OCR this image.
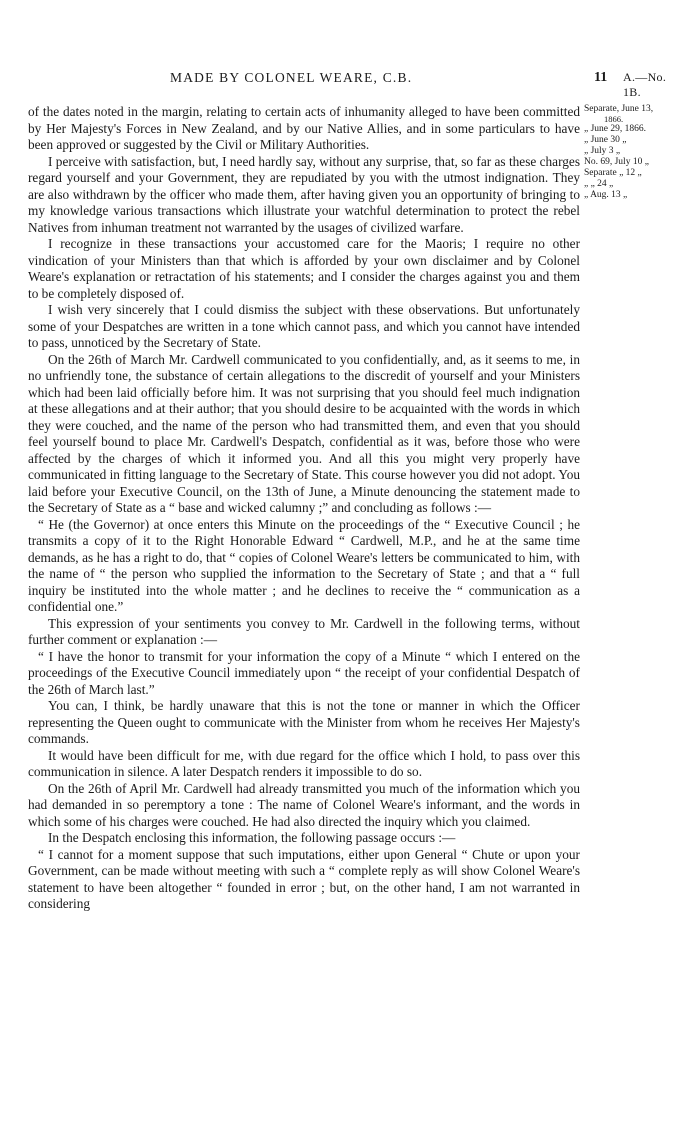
MADE BY COLONEL WEARE, C.B.	11 A.—No. 1B.

of the dates noted in the margin, relating to certain acts of inhumanity alleged to have been committed by Her Majesty's Forces in New Zealand, and by our Native Allies, and in some particulars to have been approved or suggested by the Civil or Military Authorities.

I perceive with satisfaction, but, I need hardly say, without any surprise, that, so far as these charges regard yourself and your Government, they are repudiated by you with the utmost indignation. They are also withdrawn by the officer who made them, after having given you an opportunity of bringing to my knowledge various transactions which illustrate your watchful determination to protect the rebel Natives from inhuman treatment not warranted by the usages of civilized warfare.

I recognize in these transactions your accustomed care for the Maoris; I require no other vindication of your Ministers than that which is afforded by your own disclaimer and by Colonel Weare's explanation or retractation of his statements; and I consider the charges against you and them to be completely disposed of.

I wish very sincerely that I could dismiss the subject with these observations. But unfortunately some of your Despatches are written in a tone which cannot pass, and which you cannot have intended to pass, unnoticed by the Secretary of State.

On the 26th of March Mr. Cardwell communicated to you confidentially, and, as it seems to me, in no unfriendly tone, the substance of certain allegations to the discredit of yourself and your Ministers which had been laid officially before him. It was not surprising that you should feel much indignation at these allegations and at their author; that you should desire to be acquainted with the words in which they were couched, and the name of the person who had transmitted them, and even that you should feel yourself bound to place Mr. Cardwell's Despatch, confidential as it was, before those who were affected by the charges of which it informed you. And all this you might very properly have communicated in fitting language to the Secretary of State. This course however you did not adopt. You laid before your Executive Council, on the 13th of June, a Minute denouncing the statement made to the Secretary of State as a “ base and wicked calumny ;” and concluding as follows :—

“ He (the Governor) at once enters this Minute on the proceedings of the “ Executive Council ; he transmits a copy of it to the Right Honorable Edward “ Cardwell, M.P., and he at the same time demands, as he has a right to do, that “ copies of Colonel Weare's letters be communicated to him, with the name of “ the person who supplied the information to the Secretary of State ; and that a “ full inquiry be instituted into the whole matter ; and he declines to receive the “ communication as a confidential one.”

This expression of your sentiments you convey to Mr. Cardwell in the following terms, without further comment or explanation :—

“ I have the honor to transmit for your information the copy of a Minute “ which I entered on the proceedings of the Executive Council immediately upon “ the receipt of your confidential Despatch of the 26th of March last.”

You can, I think, be hardly unaware that this is not the tone or manner in which the Officer representing the Queen ought to communicate with the Minister from whom he receives Her Majesty's commands.

It would have been difficult for me, with due regard for the office which I hold, to pass over this communication in silence. A later Despatch renders it impossible to do so.

On the 26th of April Mr. Cardwell had already transmitted you much of the information which you had demanded in so peremptory a tone : The name of Colonel Weare's informant, and the words in which some of his charges were couched. He had also directed the inquiry which you claimed.

In the Despatch enclosing this information, the following passage occurs :—

“ I cannot for a moment suppose that such imputations, either upon General “ Chute or upon your Government, can be made without meeting with such a “ complete reply as will show Colonel Weare's statement to have been altogether “ founded in error ; but, on the other hand, I am not warranted in considering

Separate, June 13,
1866.
„ June 29, 1866.
„ June 30 „
„ July 3 „
No. 69, July 10 „
Separate „ 12 „
„ „ 24 „
„ Aug. 13 „
